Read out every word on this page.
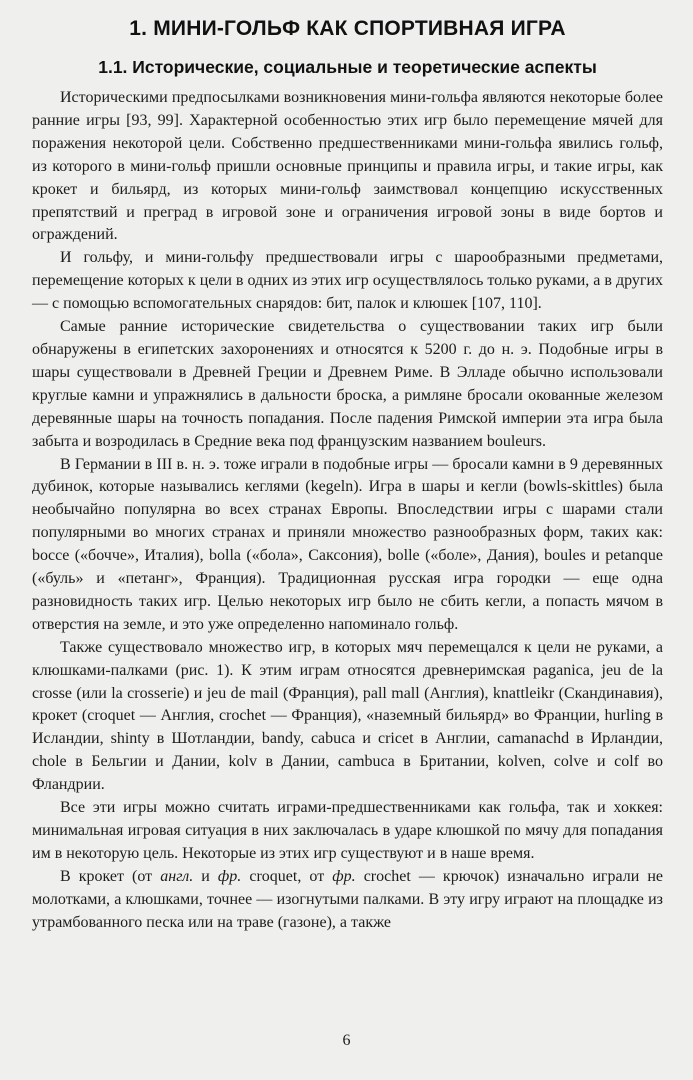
1. МИНИ-ГОЛЬФ КАК СПОРТИВНАЯ ИГРА
1.1. Исторические, социальные и теоретические аспекты

Историческими предпосылками возникновения мини-гольфа являются некоторые более ранние игры [93, 99]. Характерной особенностью этих игр было перемещение мячей для поражения некоторой цели. Собственно предшественниками мини-гольфа явились гольф, из которого в мини-гольф пришли основные принципы и правила игры, и такие игры, как крокет и бильярд, из которых мини-гольф заимствовал концепцию искусственных препятствий и преград в игровой зоне и ограничения игровой зоны в виде бортов и ограждений.

И гольфу, и мини-гольфу предшествовали игры с шарообразными предметами, перемещение которых к цели в одних из этих игр осуществлялось только руками, а в других — с помощью вспомогательных снарядов: бит, палок и клюшек [107, 110].

Самые ранние исторические свидетельства о существовании таких игр были обнаружены в египетских захоронениях и относятся к 5200 г. до н. э. Подобные игры в шары существовали в Древней Греции и Древнем Риме. В Элладе обычно использовали круглые камни и упражнялись в дальности броска, а римляне бросали окованные железом деревянные шары на точность попадания. После падения Римской империи эта игра была забыта и возродилась в Средние века под французским названием bouleurs.

В Германии в III в. н. э. тоже играли в подобные игры — бросали камни в 9 деревянных дубинок, которые назывались кеглями (kegeln). Игра в шары и кегли (bowls-skittles) была необычайно популярна во всех странах Европы. Впоследствии игры с шарами стали популярными во многих странах и приняли множество разнообразных форм, таких как: bocce («бочче», Италия), bolla («бола», Саксония), bolle («боле», Дания), boules и petanque («буль» и «петанг», Франция). Традиционная русская игра городки — еще одна разновидность таких игр. Целью некоторых игр было не сбить кегли, а попасть мячом в отверстия на земле, и это уже определенно напоминало гольф.

Также существовало множество игр, в которых мяч перемещался к цели не руками, а клюшками-палками (рис. 1). К этим играм относятся древнеримская paganica, jeu de la crosse (или la crosserie) и jeu de mail (Франция), pall mall (Англия), knattleikr (Скандинавия), крокет (croquet — Англия, crochet — Франция), «наземный бильярд» во Франции, hurling в Исландии, shinty в Шотландии, bandy, cabuca и cricet в Англии, camanachd в Ирландии, chole в Бельгии и Дании, kolv в Дании, cambuca в Британии, kolven, colve и colf во Фландрии.

Все эти игры можно считать играми-предшественниками как гольфа, так и хоккея: минимальная игровая ситуация в них заключалась в ударе клюшкой по мячу для попадания им в некоторую цель. Некоторые из этих игр существуют и в наше время.

В крокет (от англ. и фр. croquet, от фр. crochet — крючок) изначально играли не молотками, а клюшками, точнее — изогнутыми палками. В эту игру играют на площадке из утрамбованного песка или на траве (газоне), а также

6
